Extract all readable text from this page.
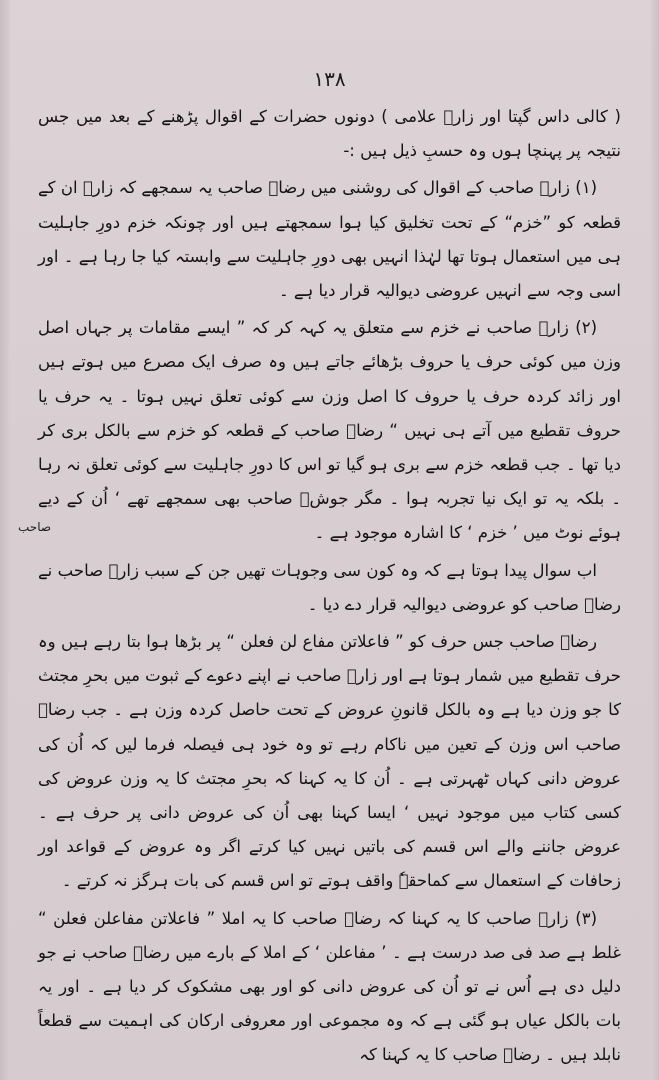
۱۳۸

( کالی داس گپتا اور زارؔ علامی ) دونوں حضرات کے اقوال پڑھنے کے بعد میں جس نتیجہ پر پہنچا ہوں وہ حسبِ ذیل ہیں :-

(۱) زارؔ صاحب کے اقوال کی روشنی میں رضاؔ صاحب یہ سمجھے کہ زارؔ ان کے قطعہ کو ”خزم“ کے تحت تخلیق کیا ہوا سمجھتے ہیں اور چونکہ خزم دورِ جاہلیت ہی میں استعمال ہوتا تھا لہٰذا انہیں بھی دورِ جاہلیت سے وابستہ کیا جا رہا ہے ۔ اور اسی وجہ سے انہیں عروضی دیوالیہ قرار دیا ہے ۔

(۲) زارؔ صاحب نے خزم سے متعلق یہ کہہ کر کہ ” ایسے مقامات پر جہاں اصل وزن میں کوئی حرف یا حروف بڑھائے جاتے ہیں وہ صرف ایک مصرع میں ہوتے ہیں اور زائد کردہ حرف یا حروف کا اصل وزن سے کوئی تعلق نہیں ہوتا ۔ یہ حرف یا حروف تقطیع میں آتے ہی نہیں “ رضاؔ صاحب کے قطعہ کو خزم سے بالکل بری کر دیا تھا ۔ جب قطعہ خزم سے بری ہو گیا تو اس کا دورِ جاہلیت سے کوئی تعلق نہ رہا ۔ بلکہ یہ تو ایک نیا تجربہ ہوا ۔ مگر جوشؔ صاحب بھی سمجھے تھے ‘ اُن کے دیے ہوئے نوٹ میں ’ خزم ‘ کا اشارہ موجود ہے ۔

اب سوال پیدا ہوتا ہے کہ وہ کون سی وجوہات تھیں جن کے سبب زارؔ صاحب نے رضاؔ صاحب کو عروضی دیوالیہ قرار دے دیا ۔

رضاؔ صاحب جس حرف کو ” فاعلاتن مفاع لن فعلن “ پر بڑھا ہوا بتا رہے ہیں وہ حرف تقطیع میں شمار ہوتا ہے اور زارؔ صاحب نے اپنے دعوے کے ثبوت میں بحرِ مجتث کا جو وزن دیا ہے وہ بالکل قانونِ عروض کے تحت حاصل کردہ وزن ہے ۔ جب رضاؔ صاحب اس وزن کے تعین میں ناکام رہے تو وہ خود ہی فیصلہ فرما لیں کہ اُن کی عروض دانی کہاں ٹھہرتی ہے ۔ اُن کا یہ کہنا کہ بحرِ مجتث کا یہ وزن عروض کی کسی کتاب میں موجود نہیں ‘ ایسا کہنا بھی اُن کی عروض دانی پر حرف ہے ۔ عروض جاننے والے اس قسم کی باتیں نہیں کیا کرتے اگر وہ عروض کے قواعد اور زحافات کے استعمال سے کماحقہٗ واقف ہوتے تو اس قسم کی بات ہرگز نہ کرتے ۔

(۳) زارؔ صاحب کا یہ کہنا کہ رضاؔ صاحب کا یہ املا ” فاعلاتن مفاعلن فعلن “ غلط ہے صد فی صد درست ہے ۔ ’ مفاعلن ‘ کے املا کے بارے میں رضاؔ صاحب نے جو دلیل دی ہے اُس نے تو اُن کی عروض دانی کو اور بھی مشکوک کر دیا ہے ۔ اور یہ بات بالکل عیاں ہو گئی ہے کہ وہ مجموعی اور معروفی ارکان کی اہمیت سے قطعاً نابلد ہیں ۔ رضاؔ صاحب کا یہ کہنا کہ

صاحب
